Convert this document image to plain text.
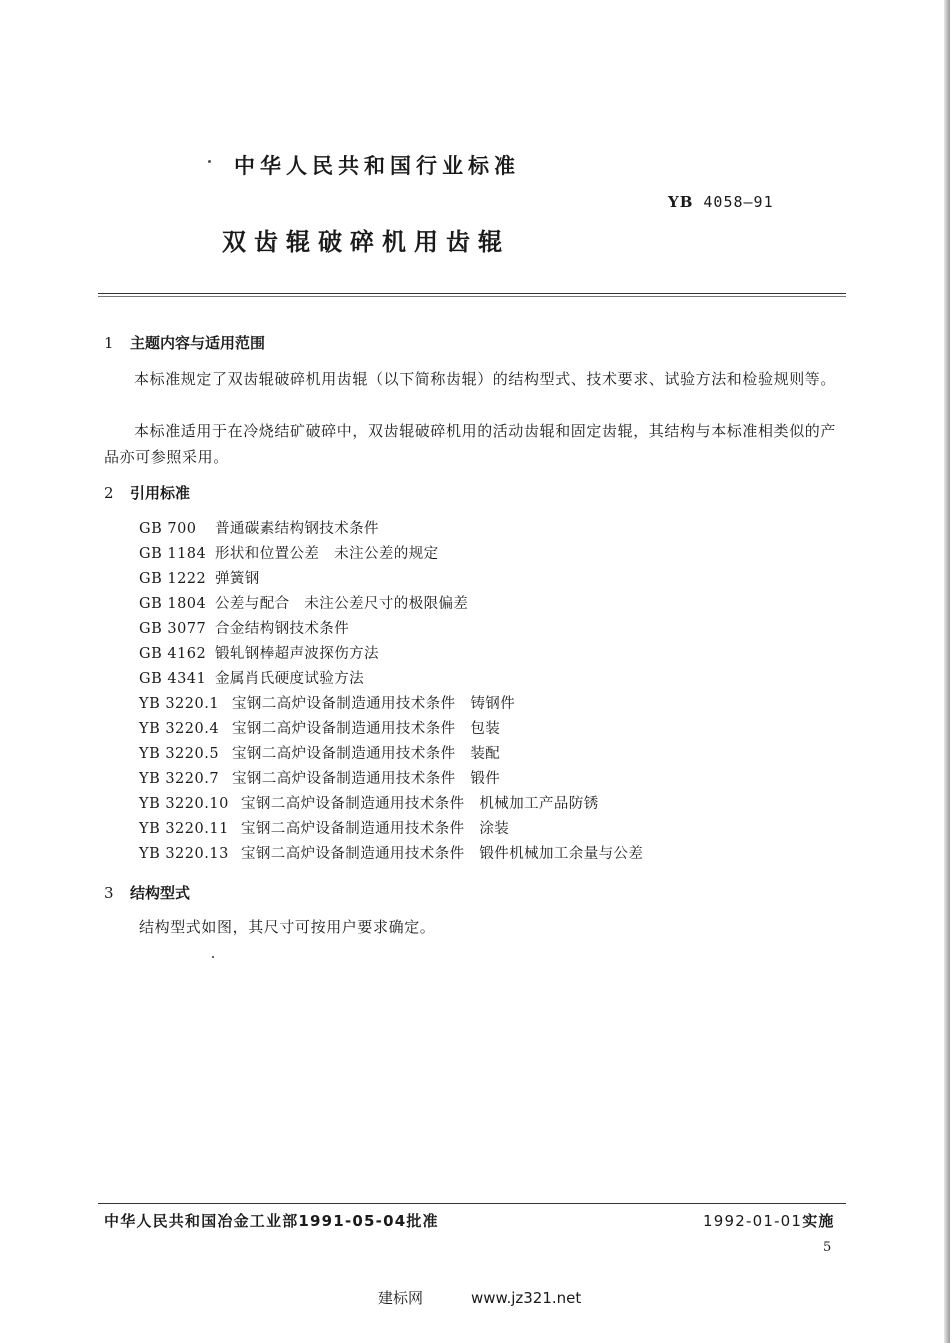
中华人民共和国行业标准
YB 4058—91
双齿辊破碎机用齿辊
1 主题内容与适用范围
本标准规定了双齿辊破碎机用齿辊（以下简称齿辊）的结构型式、技术要求、试验方法和检验规则等。
本标准适用于在冷烧结矿破碎中，双齿辊破碎机用的活动齿辊和固定齿辊，其结构与本标准相类似的产品亦可参照采用。
2 引用标准
GB 700 普通碳素结构钢技术条件
GB 1184 形状和位置公差　未注公差的规定
GB 1222 弹簧钢
GB 1804 公差与配合　未注公差尺寸的极限偏差
GB 3077 合金结构钢技术条件
GB 4162 锻轧钢棒超声波探伤方法
GB 4341 金属肖氏硬度试验方法
YB 3220.1 宝钢二高炉设备制造通用技术条件　铸钢件
YB 3220.4 宝钢二高炉设备制造通用技术条件　包装
YB 3220.5 宝钢二高炉设备制造通用技术条件　装配
YB 3220.7 宝钢二高炉设备制造通用技术条件　锻件
YB 3220.10 宝钢二高炉设备制造通用技术条件　机械加工产品防锈
YB 3220.11 宝钢二高炉设备制造通用技术条件　涂装
YB 3220.13 宝钢二高炉设备制造通用技术条件　锻件机械加工余量与公差
3 结构型式
结构型式如图，其尺寸可按用户要求确定。
中华人民共和国冶金工业部1991-05-04批准	1992-01-01实施
5
建标网	www.jz321.net
